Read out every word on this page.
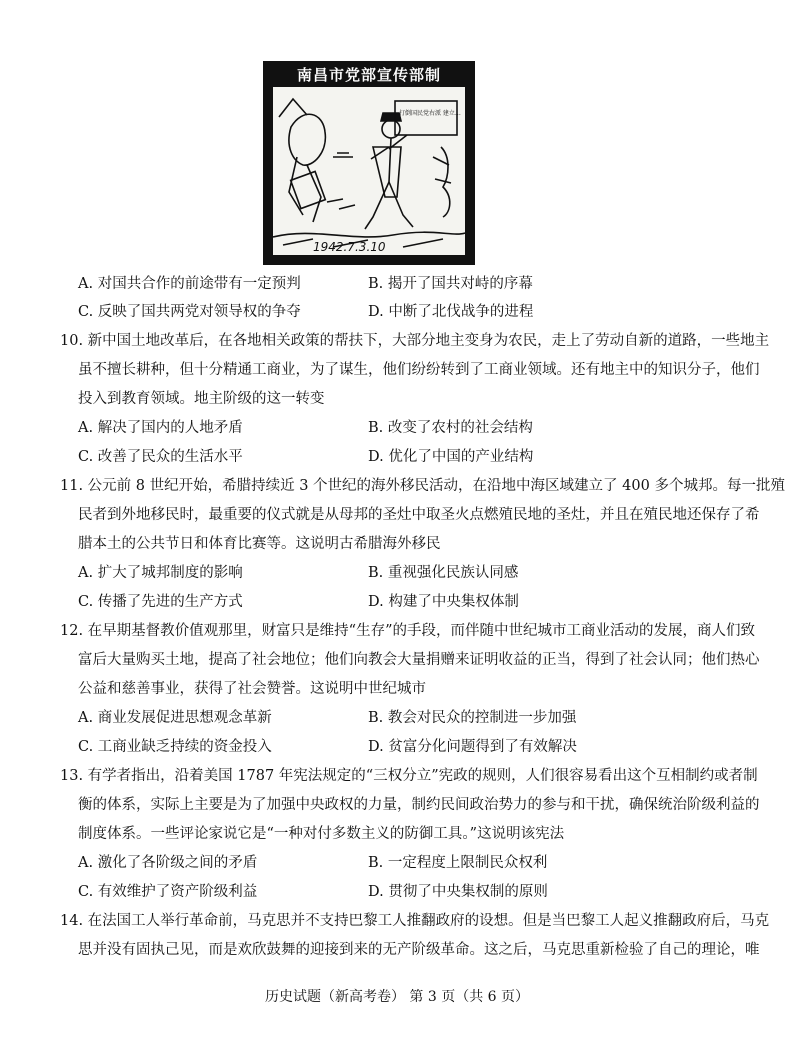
南昌市党部宣传部制
打倒国民党右派 建立…
1942.7.3.10
A. 对国共合作的前途带有一定预判	B. 揭开了国共对峙的序幕
C. 反映了国共两党对领导权的争夺	D. 中断了北伐战争的进程
10. 新中国土地改革后，在各地相关政策的帮扶下，大部分地主变身为农民，走上了劳动自新的道路，一些地主
虽不擅长耕种，但十分精通工商业，为了谋生，他们纷纷转到了工商业领域。还有地主中的知识分子，他们
投入到教育领域。地主阶级的这一转变
A. 解决了国内的人地矛盾	B. 改变了农村的社会结构
C. 改善了民众的生活水平	D. 优化了中国的产业结构
11. 公元前 8 世纪开始，希腊持续近 3 个世纪的海外移民活动，在沿地中海区域建立了 400 多个城邦。每一批殖
民者到外地移民时，最重要的仪式就是从母邦的圣灶中取圣火点燃殖民地的圣灶，并且在殖民地还保存了希
腊本土的公共节日和体育比赛等。这说明古希腊海外移民
A. 扩大了城邦制度的影响	B. 重视强化民族认同感
C. 传播了先进的生产方式	D. 构建了中央集权体制
12. 在早期基督教价值观那里，财富只是维持“生存”的手段，而伴随中世纪城市工商业活动的发展，商人们致
富后大量购买土地，提高了社会地位；他们向教会大量捐赠来证明收益的正当，得到了社会认同；他们热心
公益和慈善事业，获得了社会赞誉。这说明中世纪城市
A. 商业发展促进思想观念革新	B. 教会对民众的控制进一步加强
C. 工商业缺乏持续的资金投入	D. 贫富分化问题得到了有效解决
13. 有学者指出，沿着美国 1787 年宪法规定的“三权分立”宪政的规则，人们很容易看出这个互相制约或者制
衡的体系，实际上主要是为了加强中央政权的力量，制约民间政治势力的参与和干扰，确保统治阶级利益的
制度体系。一些评论家说它是“一种对付多数主义的防御工具。”这说明该宪法
A. 激化了各阶级之间的矛盾	B. 一定程度上限制民众权利
C. 有效维护了资产阶级利益	D. 贯彻了中央集权制的原则
14. 在法国工人举行革命前，马克思并不支持巴黎工人推翻政府的设想。但是当巴黎工人起义推翻政府后，马克
思并没有固执己见，而是欢欣鼓舞的迎接到来的无产阶级革命。这之后，马克思重新检验了自己的理论，唯
历史试题（新高考卷） 第 3 页（共 6 页）
